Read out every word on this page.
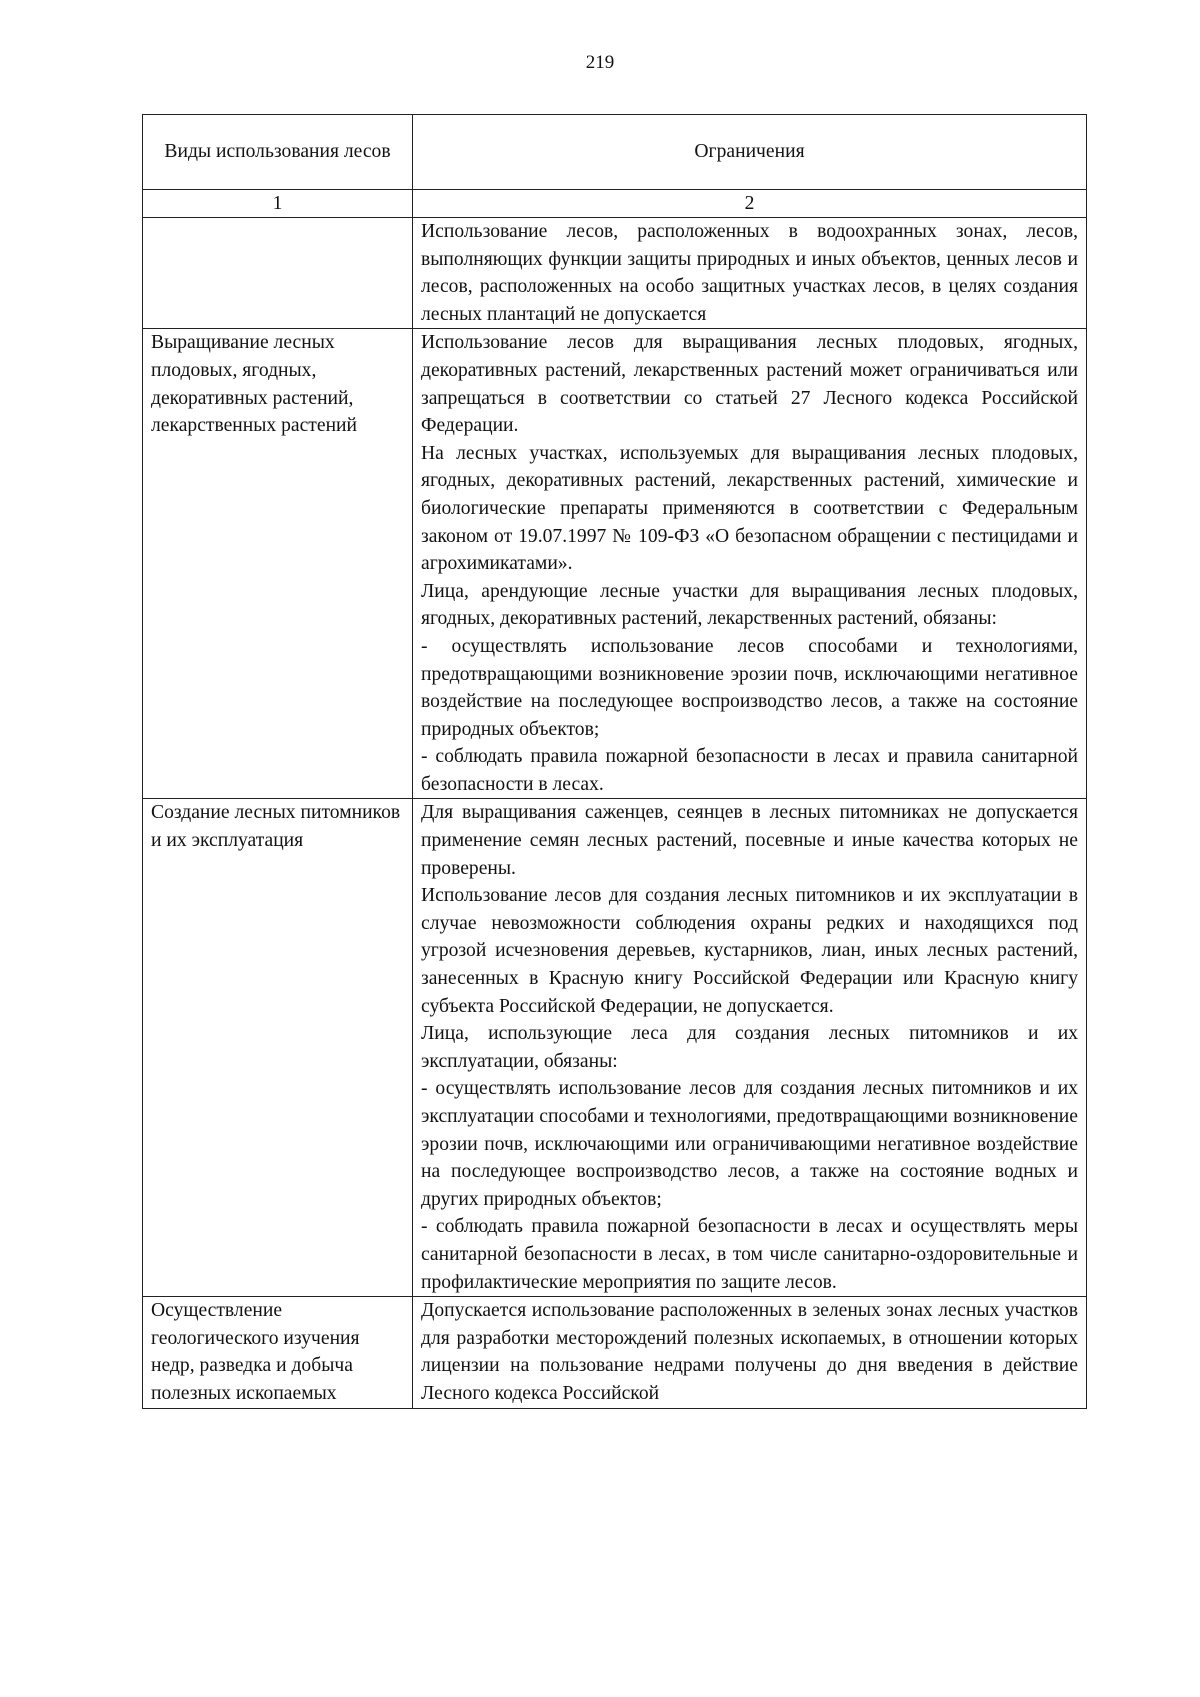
219
Виды использования лесов	Ограничения
1	2

	Использование лесов, расположенных в водоохранных зонах, лесов, выполняющих функции защиты природных и иных объектов, ценных лесов и лесов, расположенных на особо защитных участках лесов, в целях создания лесных плантаций не допускается

Выращивание лесных плодовых, ягодных, декоративных растений, лекарственных растений	Использование лесов для выращивания лесных плодовых, ягодных, декоративных растений, лекарственных растений может ограничиваться или запрещаться в соответствии со статьей 27 Лесного кодекса Российской Федерации.

На лесных участках, используемых для выращивания лесных плодовых, ягодных, декоративных растений, лекарственных растений, химические и биологические препараты применяются в соответствии с Федеральным законом от 19.07.1997 № 109-ФЗ «О безопасном обращении с пестицидами и агрохимикатами».

Лица, арендующие лесные участки для выращивания лесных плодовых, ягодных, декоративных растений, лекарственных растений, обязаны:

- осуществлять использование лесов способами и технологиями, предотвращающими возникновение эрозии почв, исключающими негативное воздействие на последующее воспроизводство лесов, а также на состояние природных объектов;

- соблюдать правила пожарной безопасности в лесах и правила санитарной безопасности в лесах.

Создание лесных питомников и их эксплуатация	Для выращивания саженцев, сеянцев в лесных питомниках не допускается применение семян лесных растений, посевные и иные качества которых не проверены.

Использование лесов для создания лесных питомников и их эксплуатации в случае невозможности соблюдения охраны редких и находящихся под угрозой исчезновения деревьев, кустарников, лиан, иных лесных растений, занесенных в Красную книгу Российской Федерации или Красную книгу субъекта Российской Федерации, не допускается.

Лица, использующие леса для создания лесных питомников и их эксплуатации, обязаны:

- осуществлять использование лесов для создания лесных питомников и их эксплуатации способами и технологиями, предотвращающими возникновение эрозии почв, исключающими или ограничивающими негативное воздействие на последующее воспроизводство лесов, а также на состояние водных и других природных объектов;

- соблюдать правила пожарной безопасности в лесах и осуществлять меры санитарной безопасности в лесах, в том числе санитарно-оздоровительные и профилактические мероприятия по защите лесов.

Осуществление геологического изучения недр, разведка и добыча полезных ископаемых	Допускается использование расположенных в зеленых зонах лесных участков для разработки месторождений полезных ископаемых, в отношении которых лицензии на пользование недрами получены до дня введения в действие Лесного кодекса Российской
